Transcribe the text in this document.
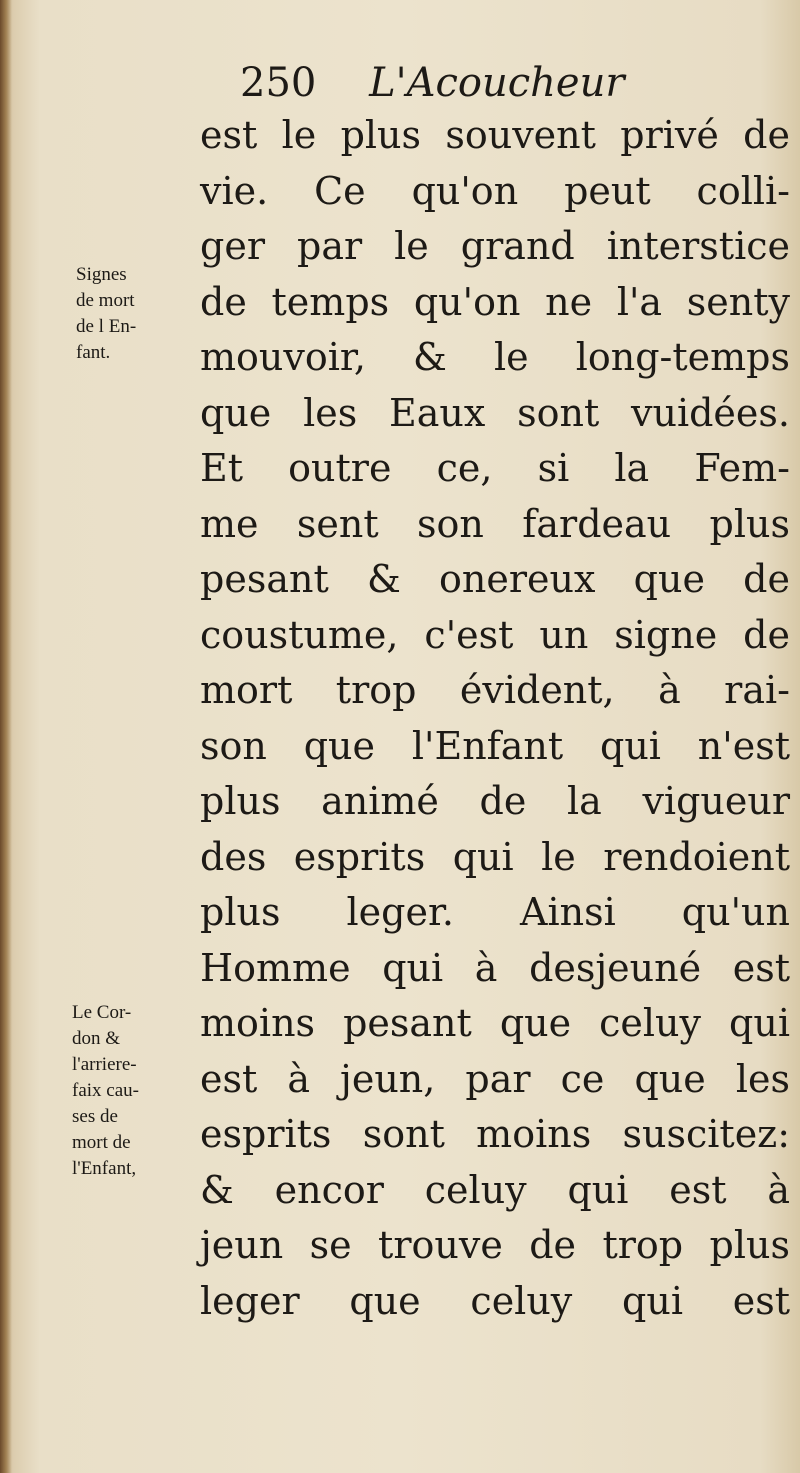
250 L'Acoucheur
Signes
de mort
de l En-
fant.
Le Cor-
don &
l'arriere-
faix cau-
ses de
mort de
l'Enfant,
est le plus souvent privé de
vie. Ce qu'on peut colli-
ger par le grand interstice
de temps qu'on ne l'a senty
mouvoir, & le long-temps
que les Eaux sont vuidées.
Et outre ce, si la Fem-
me sent son fardeau plus
pesant & onereux que de
coustume, c'est un signe de
mort trop évident, à rai-
son que l'Enfant qui n'est
plus animé de la vigueur
des esprits qui le rendoient
plus leger. Ainsi qu'un
Homme qui à desjeuné est
moins pesant que celuy qui
est à jeun, par ce que les
esprits sont moins suscitez:
& encor celuy qui est à
jeun se trouve de trop plus
leger que celuy qui est
